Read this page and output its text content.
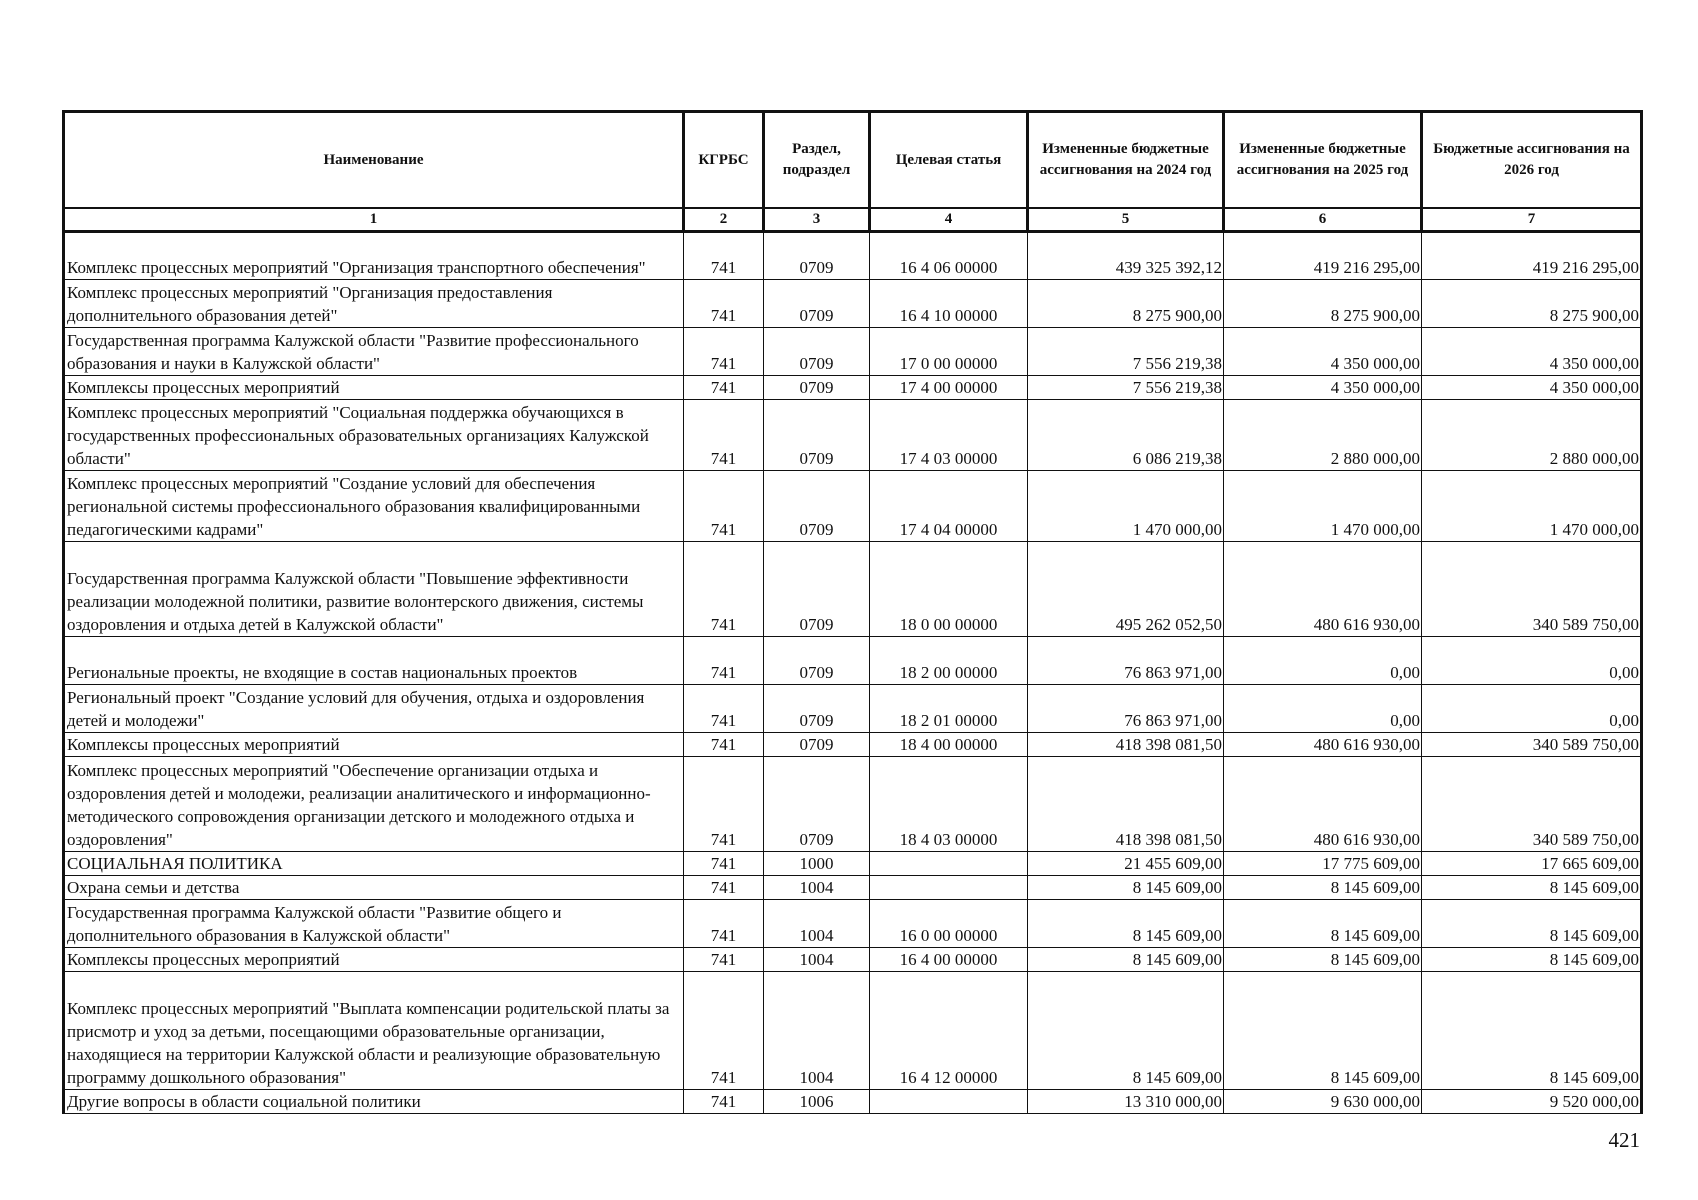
Наименование	КГРБС	Раздел, подраздел	Целевая статья	Измененные бюджетные ассигнования на 2024 год	Измененные бюджетные ассигнования на 2025 год	Бюджетные ассигнования на 2026 год
1	2	3	4	5	6	7
Комплекс процессных мероприятий "Организация транспортного обеспечения"	741	0709	16 4 06 00000	439 325 392,12	419 216 295,00	419 216 295,00
Комплекс процессных мероприятий "Организация предоставления дополнительного образования детей"	741	0709	16 4 10 00000	8 275 900,00	8 275 900,00	8 275 900,00
Государственная программа Калужской области "Развитие профессионального образования и науки в Калужской области"	741	0709	17 0 00 00000	7 556 219,38	4 350 000,00	4 350 000,00
Комплексы процессных мероприятий	741	0709	17 4 00 00000	7 556 219,38	4 350 000,00	4 350 000,00
Комплекс процессных мероприятий "Социальная поддержка обучающихся в государственных профессиональных образовательных организациях Калужской области"	741	0709	17 4 03 00000	6 086 219,38	2 880 000,00	2 880 000,00
Комплекс процессных мероприятий "Создание условий для обеспечения региональной системы профессионального образования квалифицированными педагогическими кадрами"	741	0709	17 4 04 00000	1 470 000,00	1 470 000,00	1 470 000,00
Государственная программа Калужской области "Повышение эффективности реализации молодежной политики, развитие волонтерского движения, системы оздоровления и отдыха детей в Калужской области"	741	0709	18 0 00 00000	495 262 052,50	480 616 930,00	340 589 750,00
Региональные проекты, не входящие в состав национальных проектов	741	0709	18 2 00 00000	76 863 971,00	0,00	0,00
Региональный проект "Создание условий для обучения, отдыха и оздоровления детей и молодежи"	741	0709	18 2 01 00000	76 863 971,00	0,00	0,00
Комплексы процессных мероприятий	741	0709	18 4 00 00000	418 398 081,50	480 616 930,00	340 589 750,00
Комплекс процессных мероприятий "Обеспечение организации отдыха и оздоровления детей и молодежи, реализации аналитического и информационно-методического сопровождения организации детского и молодежного отдыха и оздоровления"	741	0709	18 4 03 00000	418 398 081,50	480 616 930,00	340 589 750,00
СОЦИАЛЬНАЯ ПОЛИТИКА	741	1000		21 455 609,00	17 775 609,00	17 665 609,00
Охрана семьи и детства	741	1004		8 145 609,00	8 145 609,00	8 145 609,00
Государственная программа Калужской области "Развитие общего и дополнительного образования в Калужской области"	741	1004	16 0 00 00000	8 145 609,00	8 145 609,00	8 145 609,00
Комплексы процессных мероприятий	741	1004	16 4 00 00000	8 145 609,00	8 145 609,00	8 145 609,00
Комплекс процессных мероприятий "Выплата компенсации родительской платы за присмотр и уход за детьми, посещающими образовательные организации, находящиеся на территории Калужской области и реализующие образовательную программу дошкольного образования"	741	1004	16 4 12 00000	8 145 609,00	8 145 609,00	8 145 609,00
Другие вопросы в области социальной политики	741	1006		13 310 000,00	9 630 000,00	9 520 000,00
421
